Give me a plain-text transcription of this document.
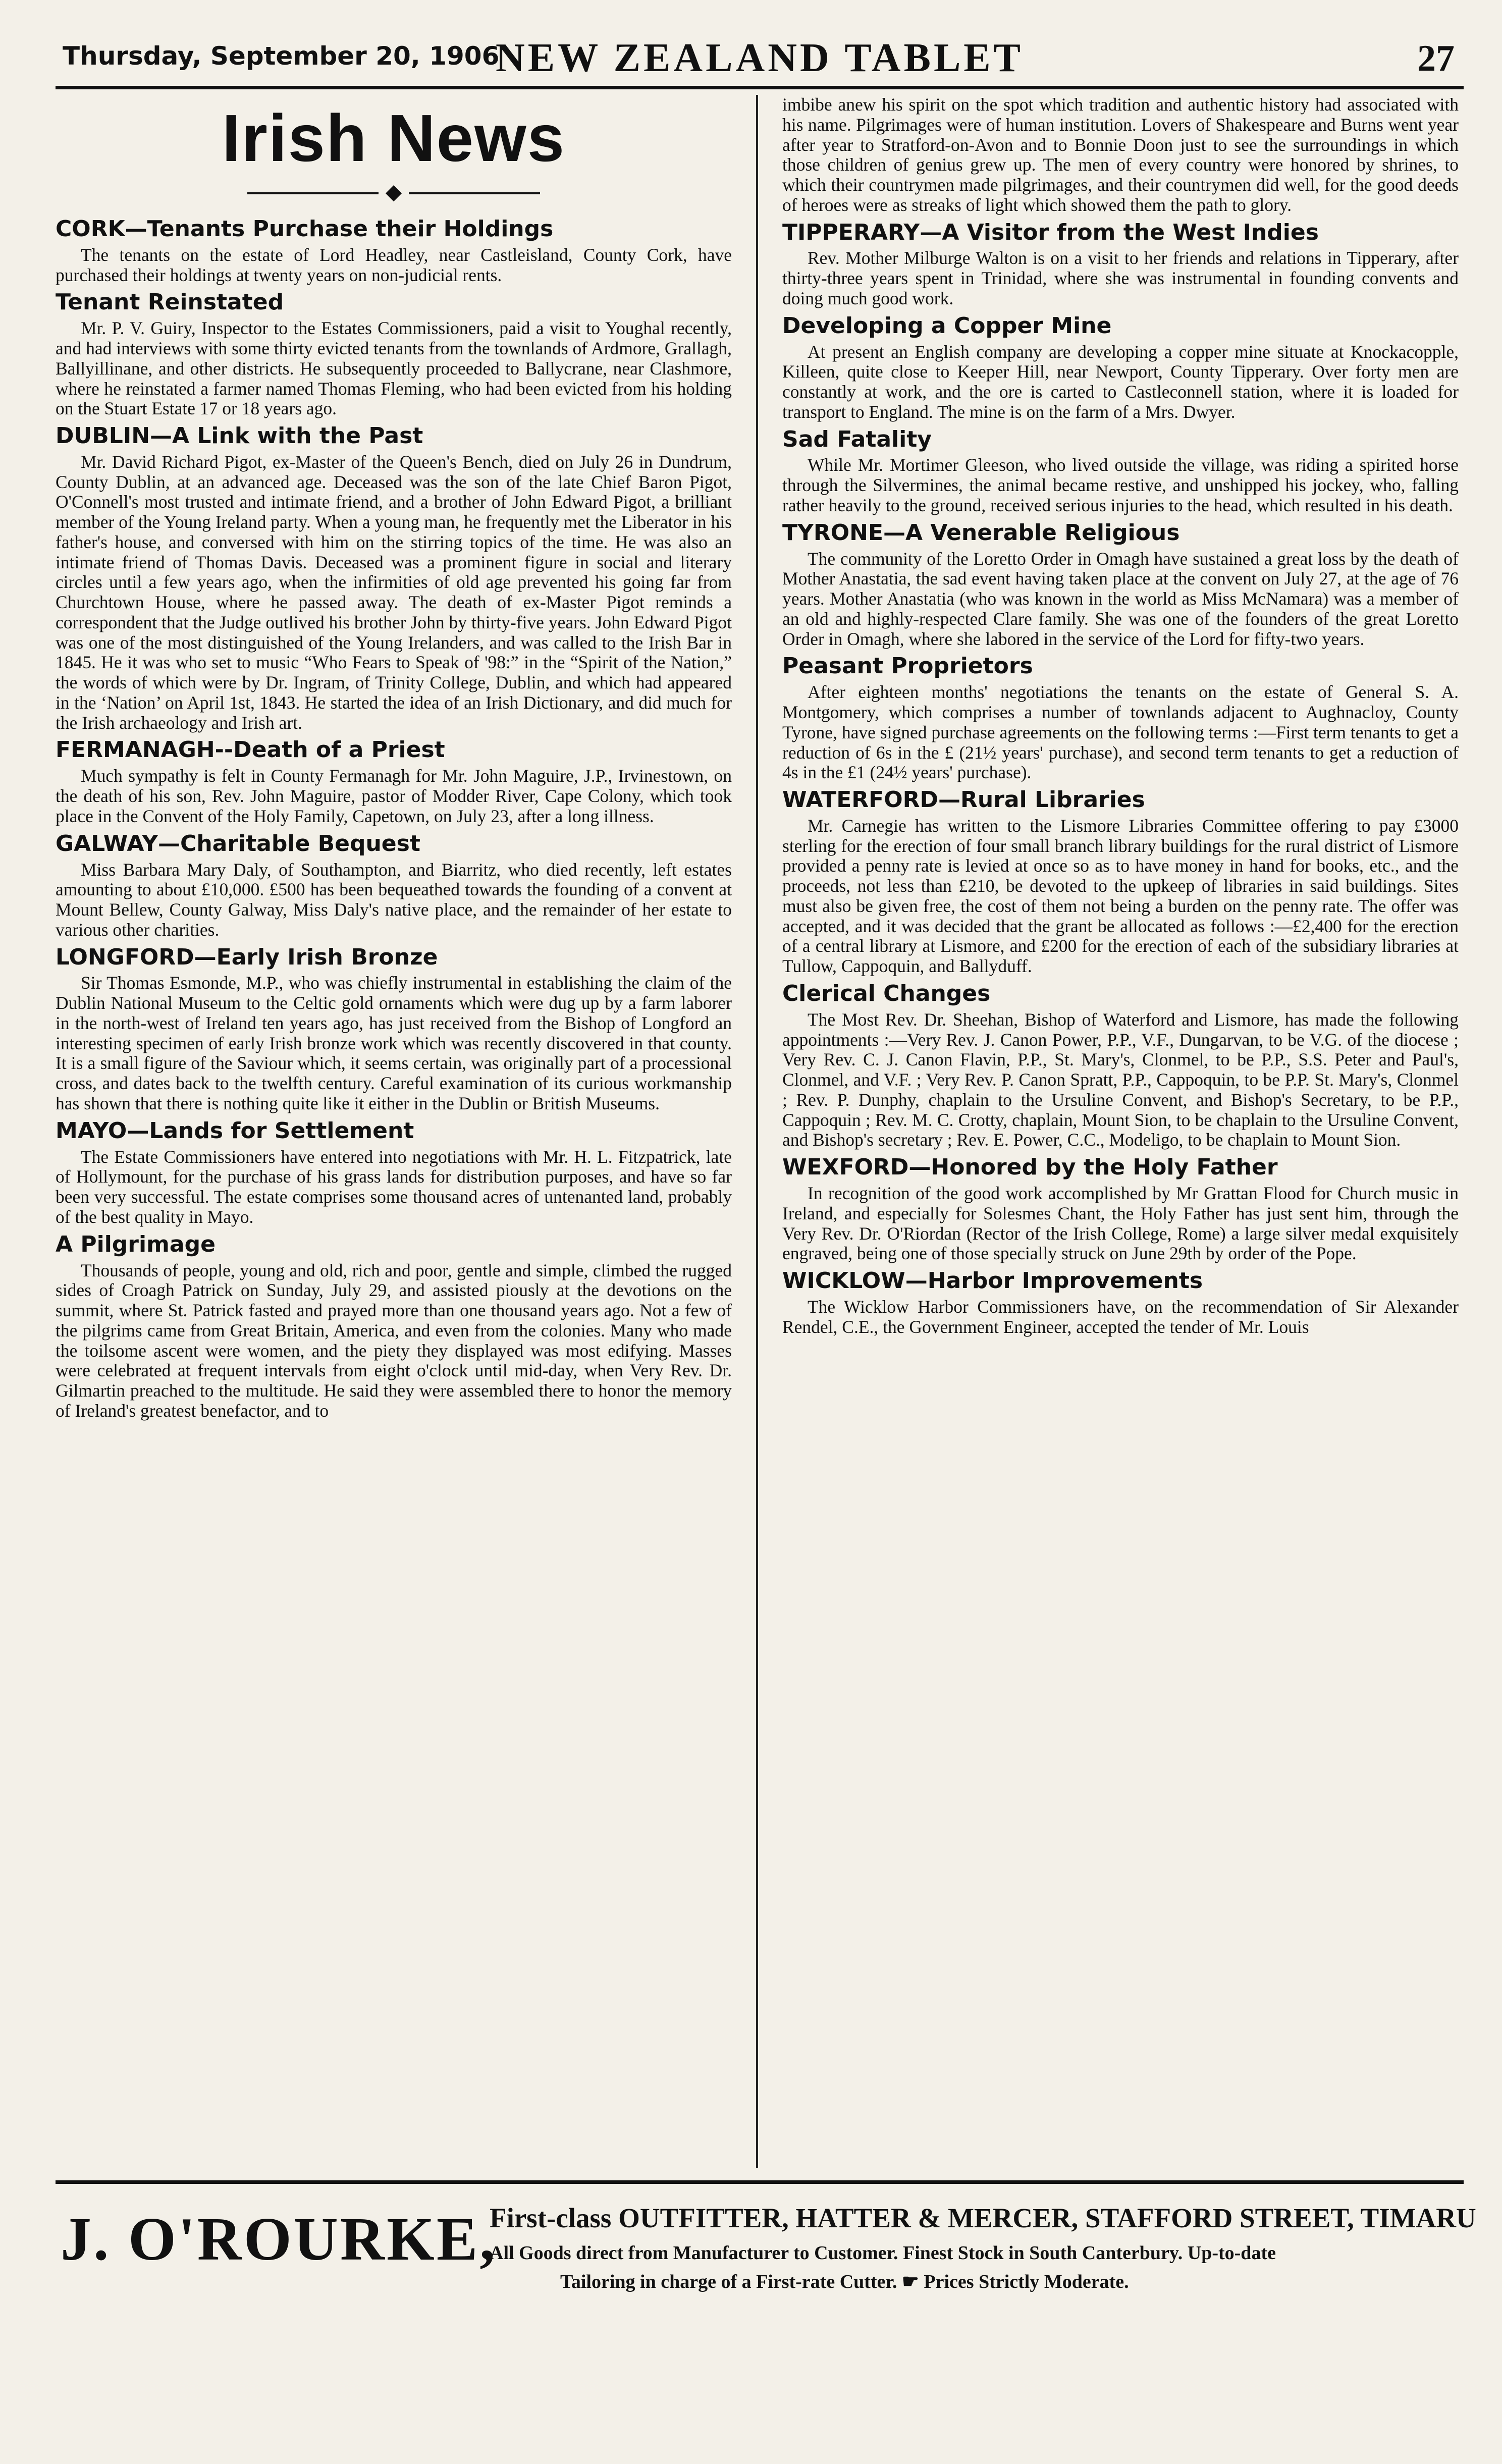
Thursday, September 20, 1906
NEW ZEALAND TABLET	27
Irish News
◆
CORK—Tenants Purchase their Holdings

The tenants on the estate of Lord Headley, near Castleisland, County Cork, have purchased their holdings at twenty years on non-judicial rents.

Tenant Reinstated

Mr. P. V. Guiry, Inspector to the Estates Commissioners, paid a visit to Youghal recently, and had interviews with some thirty evicted tenants from the townlands of Ardmore, Grallagh, Ballyillinane, and other districts. He subsequently proceeded to Ballycrane, near Clashmore, where he reinstated a farmer named Thomas Fleming, who had been evicted from his holding on the Stuart Estate 17 or 18 years ago.

DUBLIN—A Link with the Past

Mr. David Richard Pigot, ex-Master of the Queen's Bench, died on July 26 in Dundrum, County Dublin, at an advanced age. Deceased was the son of the late Chief Baron Pigot, O'Connell's most trusted and intimate friend, and a brother of John Edward Pigot, a brilliant member of the Young Ireland party. When a young man, he frequently met the Liberator in his father's house, and conversed with him on the stirring topics of the time. He was also an intimate friend of Thomas Davis. Deceased was a prominent figure in social and literary circles until a few years ago, when the infirmities of old age prevented his going far from Churchtown House, where he passed away. The death of ex-Master Pigot reminds a correspondent that the Judge outlived his brother John by thirty-five years. John Edward Pigot was one of the most distinguished of the Young Irelanders, and was called to the Irish Bar in 1845. He it was who set to music “Who Fears to Speak of '98:” in the “Spirit of the Nation,” the words of which were by Dr. Ingram, of Trinity College, Dublin, and which had appeared in the ‘Nation’ on April 1st, 1843. He started the idea of an Irish Dictionary, and did much for the Irish archaeology and Irish art.

FERMANAGH--Death of a Priest

Much sympathy is felt in County Fermanagh for Mr. John Maguire, J.P., Irvinestown, on the death of his son, Rev. John Maguire, pastor of Modder River, Cape Colony, which took place in the Convent of the Holy Family, Capetown, on July 23, after a long illness.

GALWAY—Charitable Bequest

Miss Barbara Mary Daly, of Southampton, and Biarritz, who died recently, left estates amounting to about £10,000. £500 has been bequeathed towards the founding of a convent at Mount Bellew, County Galway, Miss Daly's native place, and the remainder of her estate to various other charities.

LONGFORD—Early Irish Bronze

Sir Thomas Esmonde, M.P., who was chiefly instrumental in establishing the claim of the Dublin National Museum to the Celtic gold ornaments which were dug up by a farm laborer in the north-west of Ireland ten years ago, has just received from the Bishop of Longford an interesting specimen of early Irish bronze work which was recently discovered in that county. It is a small figure of the Saviour which, it seems certain, was originally part of a processional cross, and dates back to the twelfth century. Careful examination of its curious workmanship has shown that there is nothing quite like it either in the Dublin or British Museums.

MAYO—Lands for Settlement

The Estate Commissioners have entered into negotiations with Mr. H. L. Fitzpatrick, late of Hollymount, for the purchase of his grass lands for distribution purposes, and have so far been very successful. The estate comprises some thousand acres of untenanted land, probably of the best quality in Mayo.

A Pilgrimage

Thousands of people, young and old, rich and poor, gentle and simple, climbed the rugged sides of Croagh Patrick on Sunday, July 29, and assisted piously at the devotions on the summit, where St. Patrick fasted and prayed more than one thousand years ago. Not a few of the pilgrims came from Great Britain, America, and even from the colonies. Many who made the toilsome ascent were women, and the piety they displayed was most edifying. Masses were celebrated at frequent intervals from eight o'clock until mid-day, when Very Rev. Dr. Gilmartin preached to the multitude. He said they were assembled there to honor the memory of Ireland's greatest benefactor, and to

imbibe anew his spirit on the spot which tradition and authentic history had associated with his name. Pilgrimages were of human institution. Lovers of Shakespeare and Burns went year after year to Stratford-on-Avon and to Bonnie Doon just to see the surroundings in which those children of genius grew up. The men of every country were honored by shrines, to which their countrymen made pilgrimages, and their countrymen did well, for the good deeds of heroes were as streaks of light which showed them the path to glory.

TIPPERARY—A Visitor from the West Indies

Rev. Mother Milburge Walton is on a visit to her friends and relations in Tipperary, after thirty-three years spent in Trinidad, where she was instrumental in founding convents and doing much good work.

Developing a Copper Mine

At present an English company are developing a copper mine situate at Knockacopple, Killeen, quite close to Keeper Hill, near Newport, County Tipperary. Over forty men are constantly at work, and the ore is carted to Castleconnell station, where it is loaded for transport to England. The mine is on the farm of a Mrs. Dwyer.

Sad Fatality

While Mr. Mortimer Gleeson, who lived outside the village, was riding a spirited horse through the Silvermines, the animal became restive, and unshipped his jockey, who, falling rather heavily to the ground, received serious injuries to the head, which resulted in his death.

TYRONE—A Venerable Religious

The community of the Loretto Order in Omagh have sustained a great loss by the death of Mother Anastatia, the sad event having taken place at the convent on July 27, at the age of 76 years. Mother Anastatia (who was known in the world as Miss McNamara) was a member of an old and highly-respected Clare family. She was one of the founders of the great Loretto Order in Omagh, where she labored in the service of the Lord for fifty-two years.

Peasant Proprietors

After eighteen months' negotiations the tenants on the estate of General S. A. Montgomery, which comprises a number of townlands adjacent to Aughnacloy, County Tyrone, have signed purchase agreements on the following terms :—First term tenants to get a reduction of 6s in the £ (21½ years' purchase), and second term tenants to get a reduction of 4s in the £1 (24½ years' purchase).

WATERFORD—Rural Libraries

Mr. Carnegie has written to the Lismore Libraries Committee offering to pay £3000 sterling for the erection of four small branch library buildings for the rural district of Lismore provided a penny rate is levied at once so as to have money in hand for books, etc., and the proceeds, not less than £210, be devoted to the upkeep of libraries in said buildings. Sites must also be given free, the cost of them not being a burden on the penny rate. The offer was accepted, and it was decided that the grant be allocated as follows :—£2,400 for the erection of a central library at Lismore, and £200 for the erection of each of the subsidiary libraries at Tullow, Cappoquin, and Ballyduff.

Clerical Changes

The Most Rev. Dr. Sheehan, Bishop of Waterford and Lismore, has made the following appointments :—Very Rev. J. Canon Power, P.P., V.F., Dungarvan, to be V.G. of the diocese ; Very Rev. C. J. Canon Flavin, P.P., St. Mary's, Clonmel, to be P.P., S.S. Peter and Paul's, Clonmel, and V.F. ; Very Rev. P. Canon Spratt, P.P., Cappoquin, to be P.P. St. Mary's, Clonmel ; Rev. P. Dunphy, chaplain to the Ursuline Convent, and Bishop's Secretary, to be P.P., Cappoquin ; Rev. M. C. Crotty, chaplain, Mount Sion, to be chaplain to the Ursuline Convent, and Bishop's secretary ; Rev. E. Power, C.C., Modeligo, to be chaplain to Mount Sion.

WEXFORD—Honored by the Holy Father

In recognition of the good work accomplished by Mr Grattan Flood for Church music in Ireland, and especially for Solesmes Chant, the Holy Father has just sent him, through the Very Rev. Dr. O'Riordan (Rector of the Irish College, Rome) a large silver medal exquisitely engraved, being one of those specially struck on June 29th by order of the Pope.

WICKLOW—Harbor Improvements

The Wicklow Harbor Commissioners have, on the recommendation of Sir Alexander Rendel, C.E., the Government Engineer, accepted the tender of Mr. Louis

J. O'ROURKE,
First-class OUTFITTER, HATTER & MERCER, STAFFORD STREET, TIMARU
All Goods direct from Manufacturer to Customer. Finest Stock in South Canterbury. Up-to-date
Tailoring in charge of a First-rate Cutter. ☛ Prices Strictly Moderate.
